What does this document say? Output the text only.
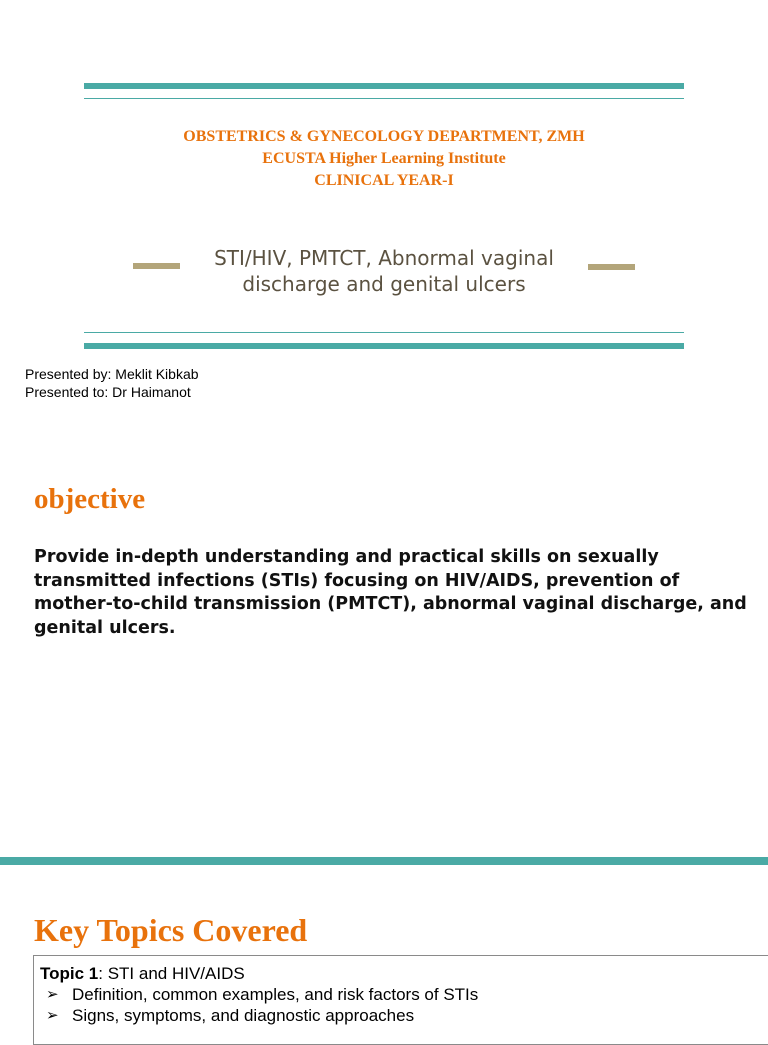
OBSTETRICS & GYNECOLOGY DEPARTMENT, ZMH
ECUSTA Higher Learning Institute
CLINICAL YEAR-I
STI/HIV, PMTCT, Abnormal vaginal discharge and genital ulcers
Presented by: Meklit Kibkab
Presented to: Dr Haimanot
objective
Provide in-depth understanding and practical skills on sexually transmitted infections (STIs) focusing on HIV/AIDS, prevention of mother-to-child transmission (PMTCT), abnormal vaginal discharge, and genital ulcers.
Key Topics Covered
Topic 1: STI and HIV/AIDS
➢ Definition, common examples, and risk factors of STIs
➢ Signs, symptoms, and diagnostic approaches
